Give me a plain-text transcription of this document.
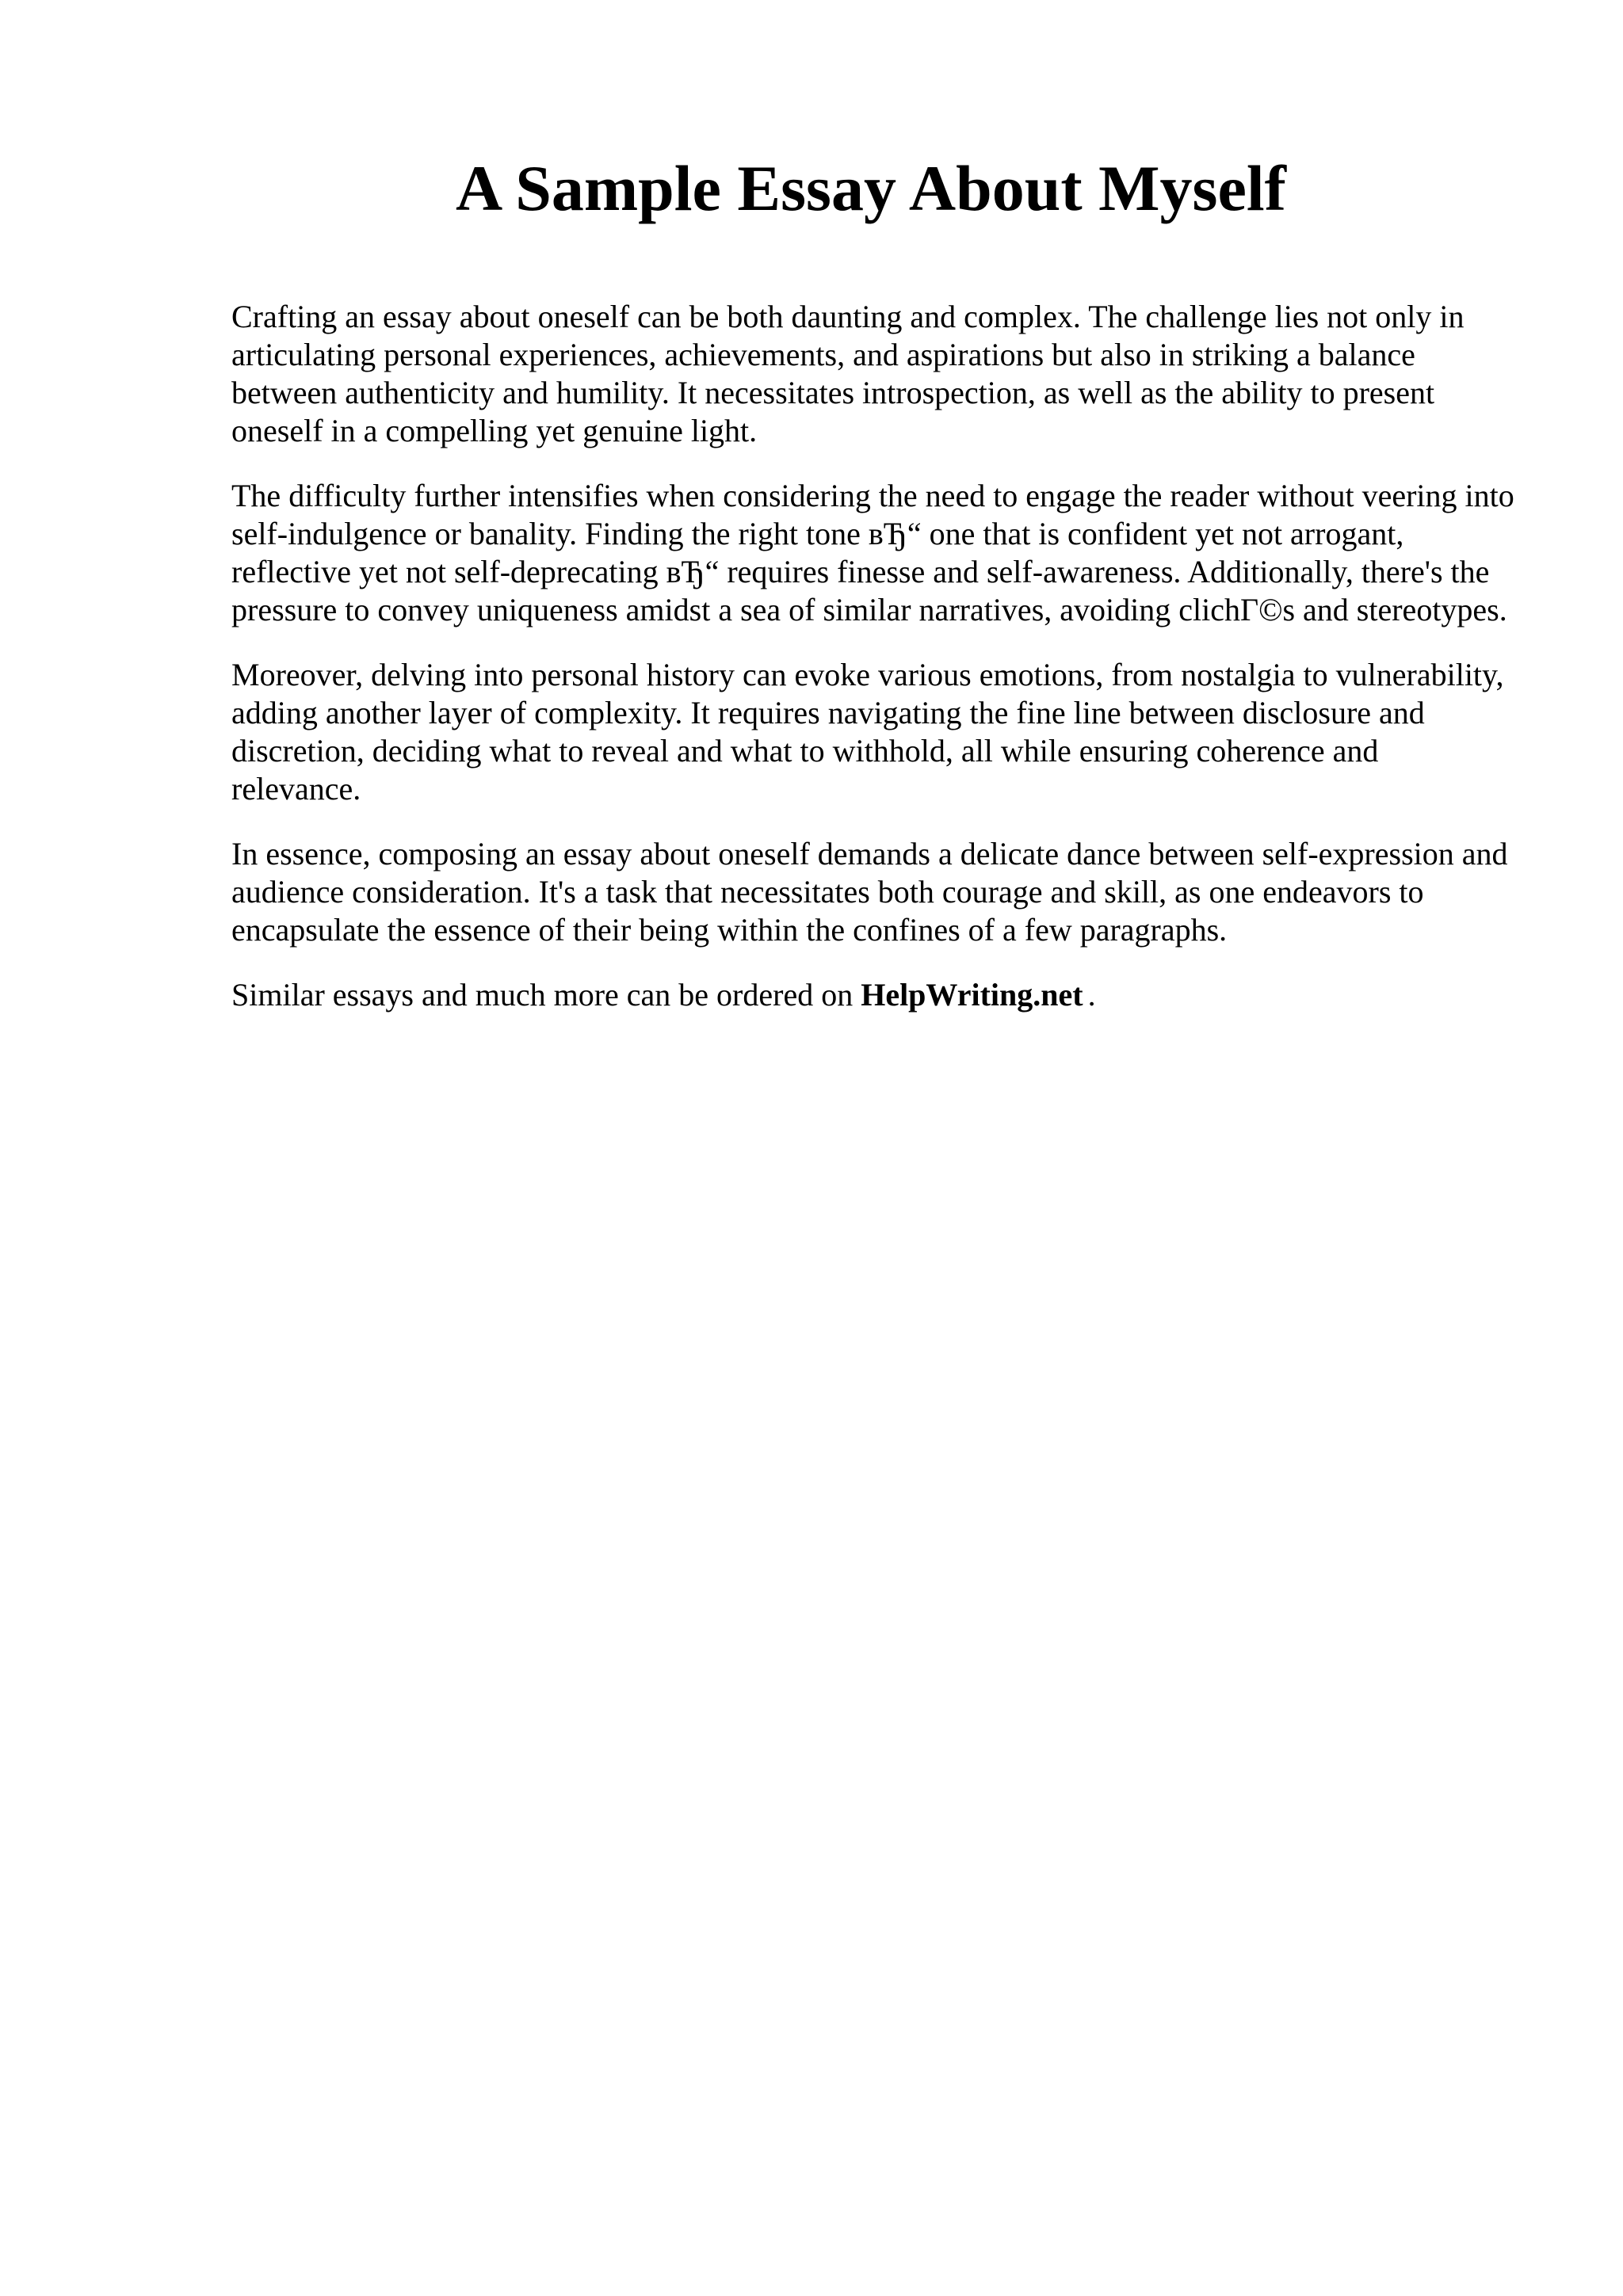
A Sample Essay About Myself

Crafting an essay about oneself can be both daunting and complex. The challenge lies not only in articulating personal experiences, achievements, and aspirations but also in striking a balance between authenticity and humility. It necessitates introspection, as well as the ability to present oneself in a compelling yet genuine light.

The difficulty further intensifies when considering the need to engage the reader without veering into self-indulgence or banality. Finding the right tone вЂ“ one that is confident yet not arrogant, reflective yet not self-deprecating вЂ“ requires finesse and self-awareness. Additionally, there's the pressure to convey uniqueness amidst a sea of similar narratives, avoiding clichГ©s and stereotypes.

Moreover, delving into personal history can evoke various emotions, from nostalgia to vulnerability, adding another layer of complexity. It requires navigating the fine line between disclosure and discretion, deciding what to reveal and what to withhold, all while ensuring coherence and relevance.

In essence, composing an essay about oneself demands a delicate dance between self-expression and audience consideration. It's a task that necessitates both courage and skill, as one endeavors to encapsulate the essence of their being within the confines of a few paragraphs.

Similar essays and much more can be ordered on HelpWriting.net .
